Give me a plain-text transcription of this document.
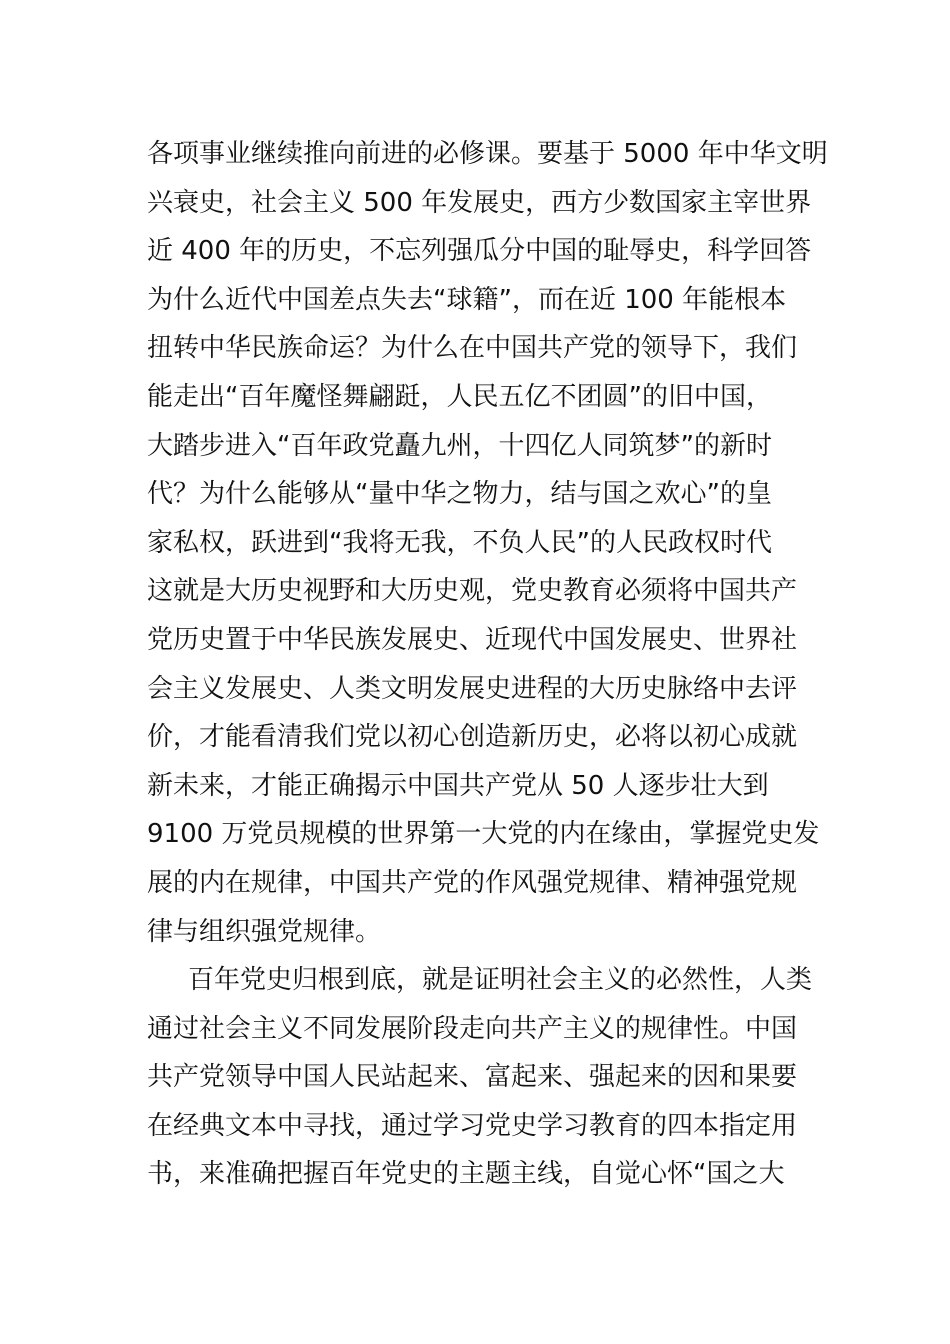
各项事业继续推向前进的必修课。要基于 5000 年中华文明
兴衰史，社会主义 500 年发展史，西方少数国家主宰世界
近 400 年的历史，不忘列强瓜分中国的耻辱史，科学回答
为什么近代中国差点失去“球籍”，而在近 100 年能根本
扭转中华民族命运？为什么在中国共产党的领导下，我们
能走出“百年魔怪舞翩跹，人民五亿不团圆”的旧中国，
大踏步进入“百年政党矗九州，十四亿人同筑梦”的新时
代？为什么能够从“量中华之物力，结与国之欢心”的皇
家私权，跃进到“我将无我，不负人民”的人民政权时代
这就是大历史视野和大历史观，党史教育必须将中国共产
党历史置于中华民族发展史、近现代中国发展史、世界社
会主义发展史、人类文明发展史进程的大历史脉络中去评
价，才能看清我们党以初心创造新历史，必将以初心成就
新未来，才能正确揭示中国共产党从 50 人逐步壮大到
9100 万党员规模的世界第一大党的内在缘由，掌握党史发
展的内在规律，中国共产党的作风强党规律、精神强党规
律与组织强党规律。
百年党史归根到底，就是证明社会主义的必然性，人类
通过社会主义不同发展阶段走向共产主义的规律性。中国
共产党领导中国人民站起来、富起来、强起来的因和果要
在经典文本中寻找，通过学习党史学习教育的四本指定用
书，来准确把握百年党史的主题主线，自觉心怀“国之大
